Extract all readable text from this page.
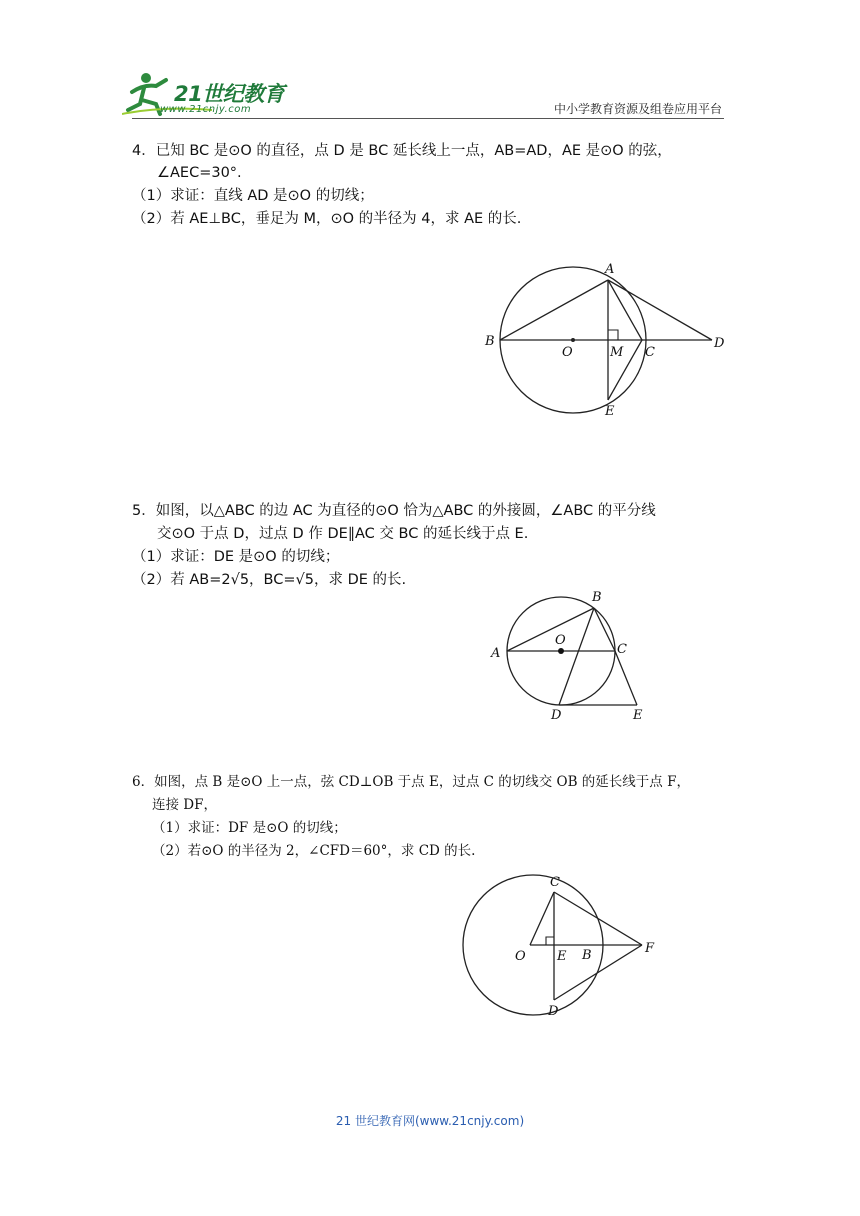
21世纪教育
www.21cnjy.com	中小学教育资源及组卷应用平台
4．已知 BC 是⊙O 的直径，点 D 是 BC 延长线上一点，AB=AD，AE 是⊙O 的弦，
∠AEC=30°.
（1）求证：直线 AD 是⊙O 的切线；
（2）若 AE⊥BC，垂足为 M，⊙O 的半径为 4，求 AE 的长.
A
B
O	M C
D
E
5．如图，以△ABC 的边 AC 为直径的⊙O 恰为△ABC 的外接圆，∠ABC 的平分线
交⊙O 于点 D，过点 D 作 DE∥AC 交 BC 的延长线于点 E.
（1）求证：DE 是⊙O 的切线；
（2）若 AB=2√5，BC=√5，求 DE 的长.
B
O
A	C
D	E
6．如图，点 B 是⊙O 上一点，弦 CD⊥OB 于点 E，过点 C 的切线交 OB 的延长线于点 F，
连接 DF，
（1）求证：DF 是⊙O 的切线；
（2）若⊙O 的半径为 2，∠CFD＝60°，求 CD 的长.
C
O E B	F
D
21 世纪教育网(www.21cnjy.com)
